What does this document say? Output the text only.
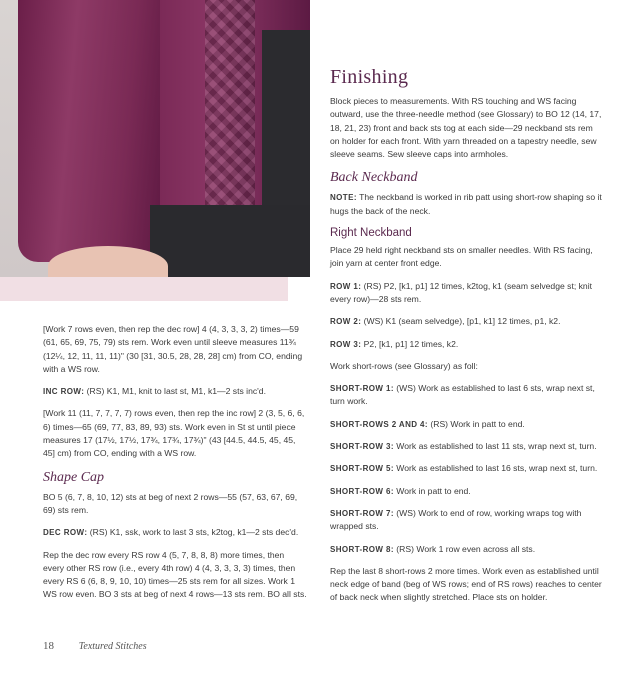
[Work 7 rows even, then rep the dec row] 4 (4, 3, 3, 3, 2) times—59 (61, 65, 69, 75, 79) sts rem. Work even until sleeve measures 11¾ (12¼, 12, 11, 11, 11)" (30 [31, 30.5, 28, 28, 28] cm) from CO, ending with a WS row.

INC ROW: (RS) K1, M1, knit to last st, M1, k1—2 sts inc'd.

[Work 11 (11, 7, 7, 7, 7) rows even, then rep the inc row] 2 (3, 5, 6, 6, 6) times—65 (69, 77, 83, 89, 93) sts. Work even in St st until piece measures 17 (17½, 17½, 17¾, 17¾, 17¾)" (43 [44.5, 44.5, 45, 45, 45] cm) from CO, ending with a WS row.

Shape Cap

BO 5 (6, 7, 8, 10, 12) sts at beg of next 2 rows—55 (57, 63, 67, 69, 69) sts rem.

DEC ROW: (RS) K1, ssk, work to last 3 sts, k2tog, k1—2 sts dec'd.

Rep the dec row every RS row 4 (5, 7, 8, 8, 8) more times, then every other RS row (i.e., every 4th row) 4 (4, 3, 3, 3, 3) times, then every RS 6 (6, 8, 9, 10, 10) times—25 sts rem for all sizes. Work 1 WS row even. BO 3 sts at beg of next 4 rows—13 sts rem. BO all sts.

Finishing

Block pieces to measurements. With RS touching and WS facing outward, use the three-needle method (see Glossary) to BO 12 (14, 17, 18, 21, 23) front and back sts tog at each side—29 neckband sts rem on holder for each front. With yarn threaded on a tapestry needle, sew sleeve seams. Sew sleeve caps into armholes.

Back Neckband

NOTE: The neckband is worked in rib patt using short-row shaping so it hugs the back of the neck.

Right Neckband

Place 29 held right neckband sts on smaller needles. With RS facing, join yarn at center front edge.

ROW 1: (RS) P2, [k1, p1] 12 times, k2tog, k1 (seam selvedge st; knit every row)—28 sts rem.

ROW 2: (WS) K1 (seam selvedge), [p1, k1] 12 times, p1, k2.

ROW 3: P2, [k1, p1] 12 times, k2.

Work short-rows (see Glossary) as foll:

SHORT-ROW 1: (WS) Work as established to last 6 sts, wrap next st, turn work.

SHORT-ROWS 2 AND 4: (RS) Work in patt to end.

SHORT-ROW 3: Work as established to last 11 sts, wrap next st, turn.

SHORT-ROW 5: Work as established to last 16 sts, wrap next st, turn.

SHORT-ROW 6: Work in patt to end.

SHORT-ROW 7: (WS) Work to end of row, working wraps tog with wrapped sts.

SHORT-ROW 8: (RS) Work 1 row even across all sts.

Rep the last 8 short-rows 2 more times. Work even as established until neck edge of band (beg of WS rows; end of RS rows) reaches to center of back neck when slightly stretched. Place sts on holder.

18 Textured Stitches
